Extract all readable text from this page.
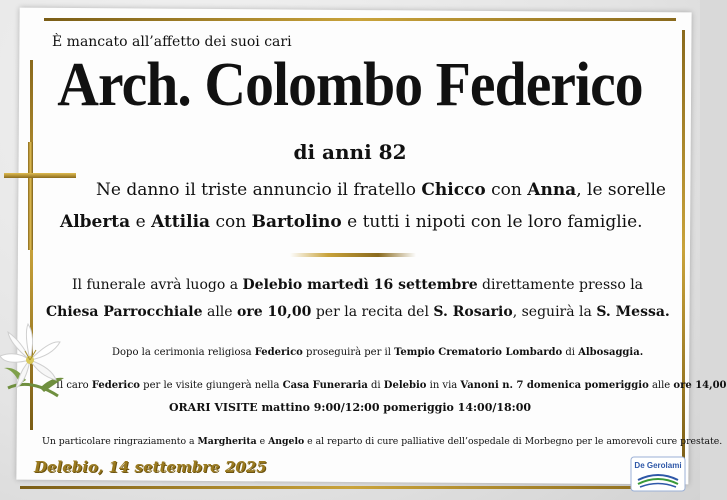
È mancato all’affetto dei suoi cari
Arch. Colombo Federico
di anni 82
Ne danno il triste annuncio il fratello Chicco con Anna, le sorelle
Alberta e Attilia con Bartolino e tutti i nipoti con le loro famiglie.
Il funerale avrà luogo a Delebio martedì 16 settembre direttamente presso la
Chiesa Parrocchiale alle ore 10,00 per la recita del S. Rosario, seguirà la S. Messa.
Dopo la cerimonia religiosa Federico proseguirà per il Tempio Crematorio Lombardo di Albosaggia.
Il caro Federico per le visite giungerà nella Casa Funeraria di Delebio in via Vanoni n. 7 domenica pomeriggio alle ore 14,00
ORARI VISITE mattino 9:00/12:00 pomeriggio 14:00/18:00
Un particolare ringraziamento a Margherita e Angelo e al reparto di cure palliative dell’ospedale di Morbegno per le amorevoli cure prestate.
Delebio, 14 settembre 2025	De Gerolami
